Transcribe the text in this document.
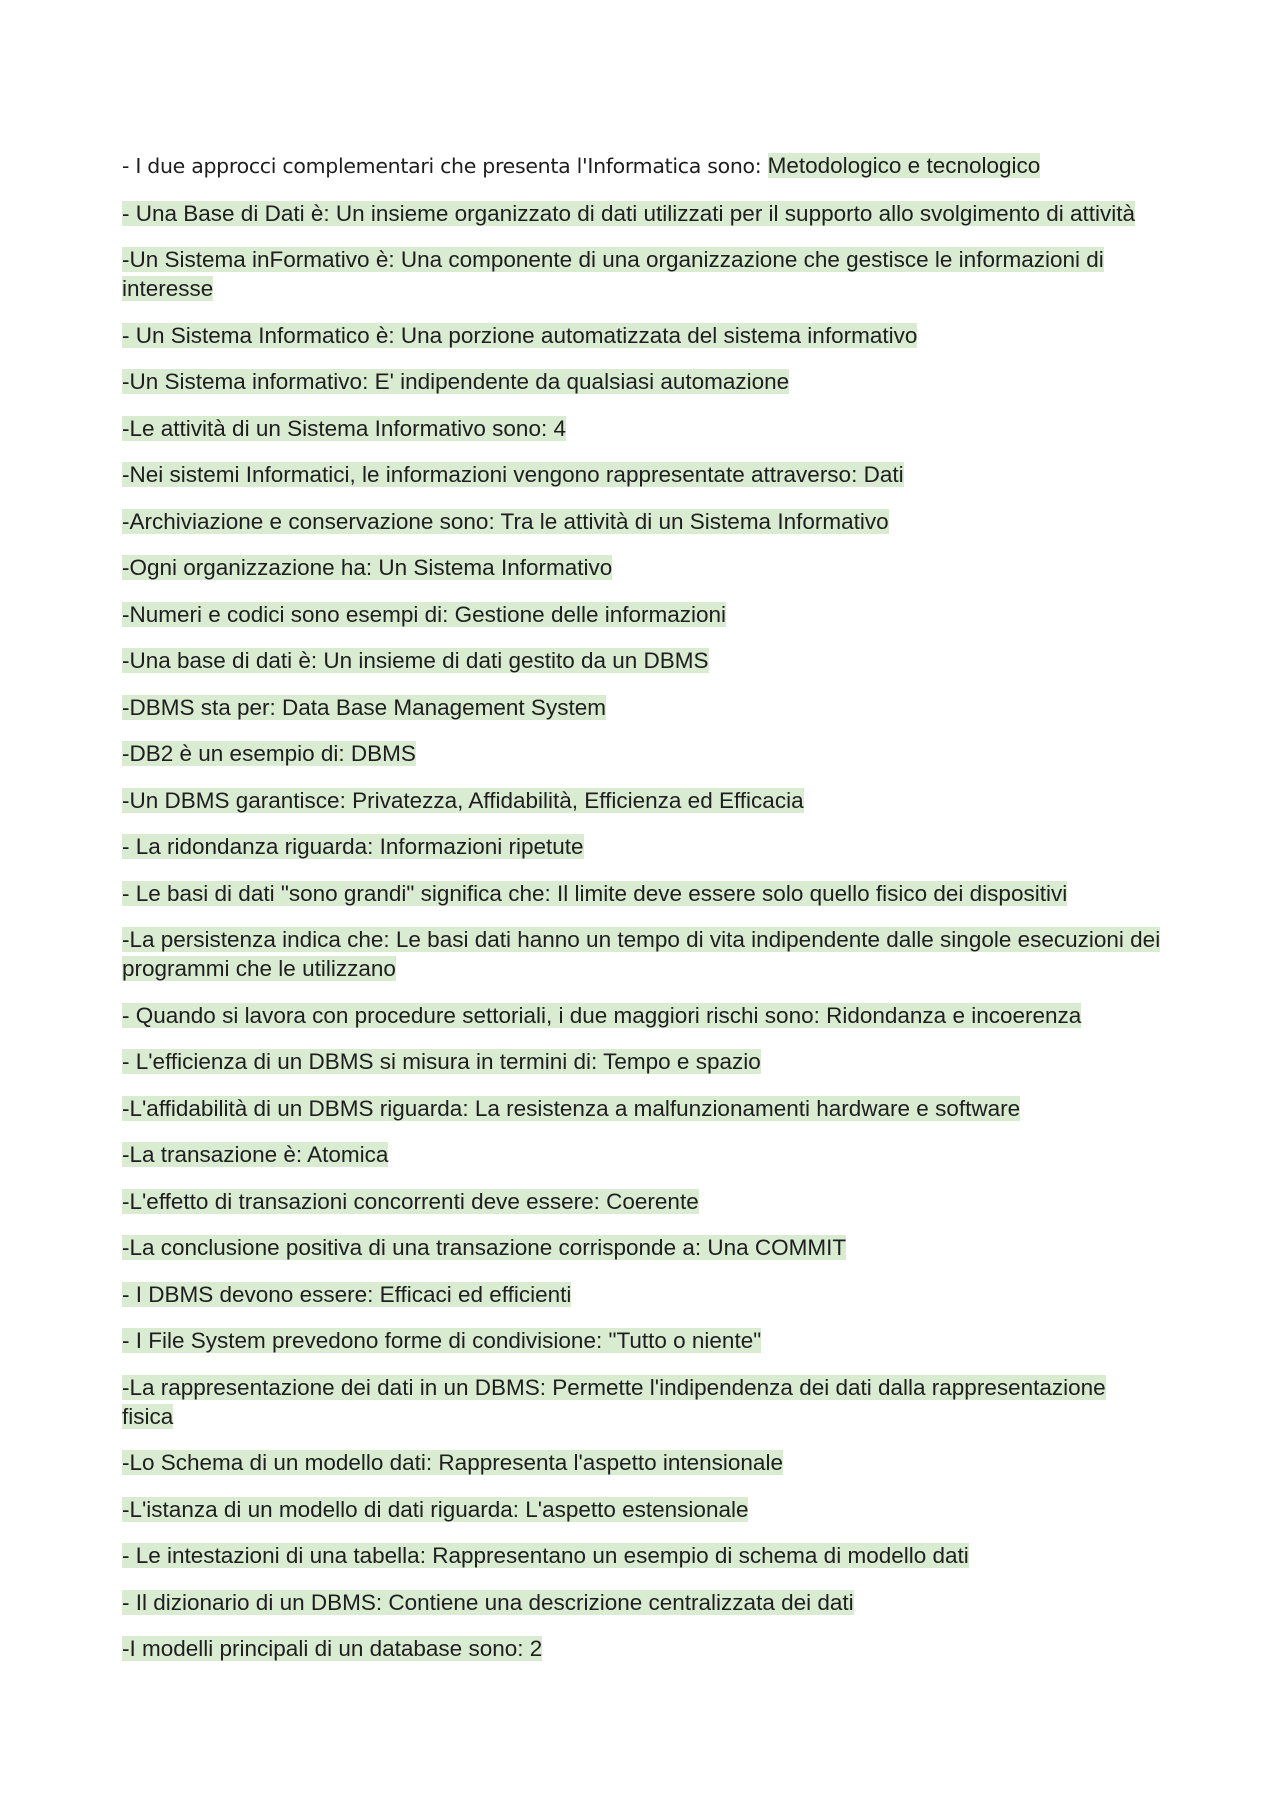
- I due approcci complementari che presenta l'Informatica sono: Metodologico e tecnologico

- Una Base di Dati è: Un insieme organizzato di dati utilizzati per il supporto allo svolgimento di attività

-Un Sistema inFormativo è: Una componente di una organizzazione che gestisce le informazioni di interesse

- Un Sistema Informatico è: Una porzione automatizzata del sistema informativo

-Un Sistema informativo: E' indipendente da qualsiasi automazione

-Le attività di un Sistema Informativo sono: 4

-Nei sistemi Informatici, le informazioni vengono rappresentate attraverso: Dati

-Archiviazione e conservazione sono: Tra le attività di un Sistema Informativo

-Ogni organizzazione ha: Un Sistema Informativo

-Numeri e codici sono esempi di: Gestione delle informazioni

-Una base di dati è: Un insieme di dati gestito da un DBMS

-DBMS sta per: Data Base Management System

-DB2 è un esempio di: DBMS

-Un DBMS garantisce: Privatezza, Affidabilità, Efficienza ed Efficacia

- La ridondanza riguarda: Informazioni ripetute

- Le basi di dati "sono grandi" significa che: Il limite deve essere solo quello fisico dei dispositivi

-La persistenza indica che: Le basi dati hanno un tempo di vita indipendente dalle singole esecuzioni dei programmi che le utilizzano

- Quando si lavora con procedure settoriali, i due maggiori rischi sono: Ridondanza e incoerenza

- L'efficienza di un DBMS si misura in termini di: Tempo e spazio

-L'affidabilità di un DBMS riguarda: La resistenza a malfunzionamenti hardware e software

-La transazione è: Atomica

-L'effetto di transazioni concorrenti deve essere: Coerente

-La conclusione positiva di una transazione corrisponde a: Una COMMIT

- I DBMS devono essere: Efficaci ed efficienti

- I File System prevedono forme di condivisione: "Tutto o niente"

-La rappresentazione dei dati in un DBMS: Permette l'indipendenza dei dati dalla rappresentazione fisica

-Lo Schema di un modello dati: Rappresenta l'aspetto intensionale

-L'istanza di un modello di dati riguarda: L'aspetto estensionale

- Le intestazioni di una tabella: Rappresentano un esempio di schema di modello dati

- Il dizionario di un DBMS: Contiene una descrizione centralizzata dei dati

-I modelli principali di un database sono: 2
